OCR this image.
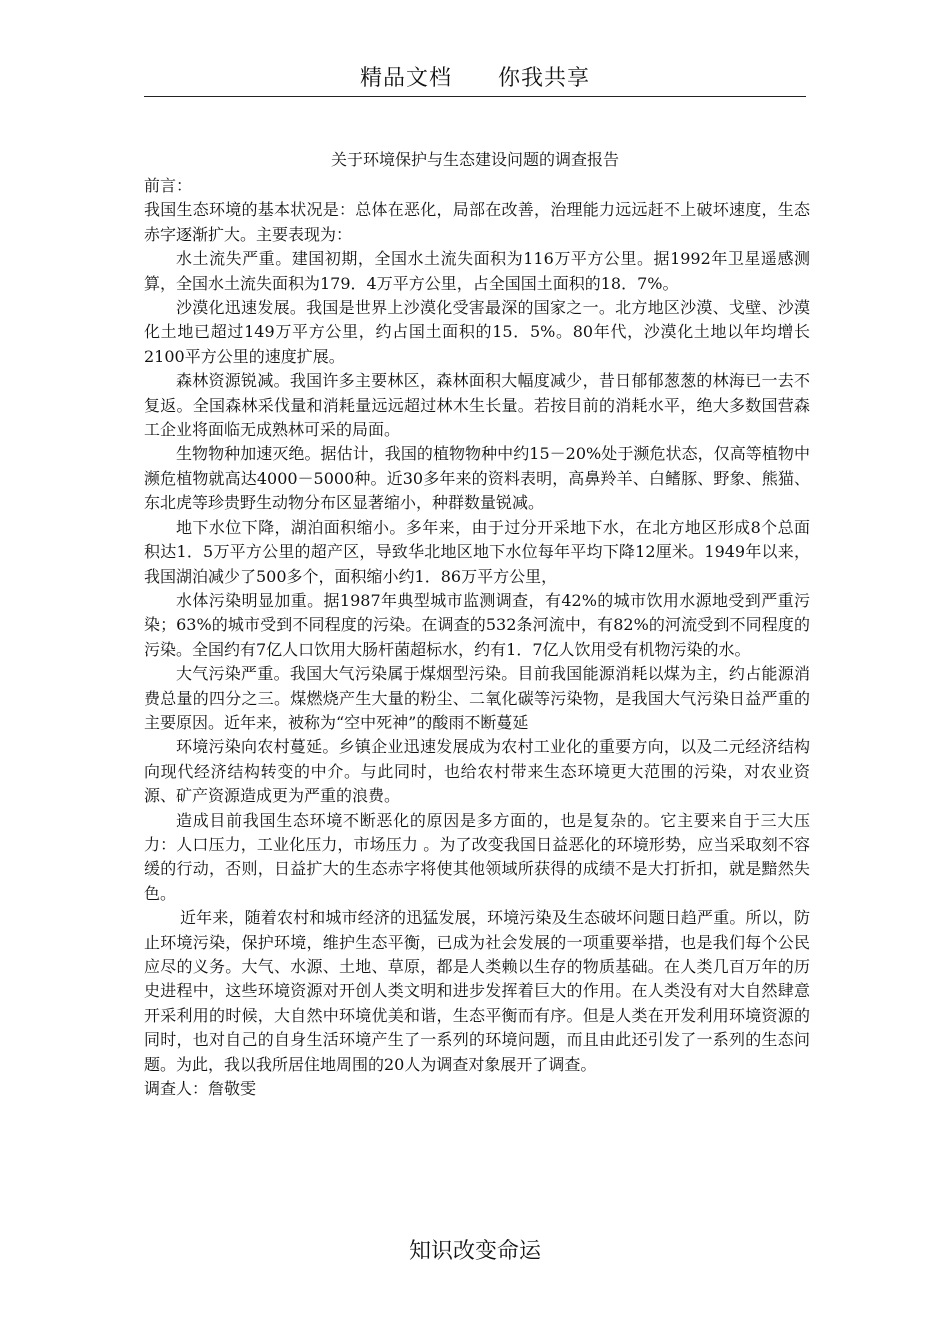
精品文档 你我共享
关于环境保护与生态建设问题的调查报告

前言：

我国生态环境的基本状况是：总体在恶化，局部在改善，治理能力远远赶不上破坏速度，生态赤字逐渐扩大。主要表现为：

水土流失严重。建国初期，全国水土流失面积为116万平方公里。据1992年卫星遥感测算，全国水土流失面积为179．4万平方公里，占全国国土面积的18．7%。

沙漠化迅速发展。我国是世界上沙漠化受害最深的国家之一。北方地区沙漠、戈壁、沙漠化土地已超过149万平方公里，约占国土面积的15．5%。80年代，沙漠化土地以年均增长2100平方公里的速度扩展。

森林资源锐减。我国许多主要林区，森林面积大幅度减少，昔日郁郁葱葱的林海已一去不复返。全国森林采伐量和消耗量远远超过林木生长量。若按目前的消耗水平，绝大多数国营森工企业将面临无成熟林可采的局面。

生物物种加速灭绝。据估计，我国的植物物种中约15－20%处于濒危状态，仅高等植物中濒危植物就高达4000－5000种。近30多年来的资料表明，高鼻羚羊、白鳍豚、野象、熊猫、东北虎等珍贵野生动物分布区显著缩小，种群数量锐减。

地下水位下降，湖泊面积缩小。多年来，由于过分开采地下水，在北方地区形成8个总面积达1．5万平方公里的超产区，导致华北地区地下水位每年平均下降12厘米。1949年以来，我国湖泊减少了500多个，面积缩小约1．86万平方公里，

水体污染明显加重。据1987年典型城市监测调查，有42%的城市饮用水源地受到严重污染；63%的城市受到不同程度的污染。在调查的532条河流中，有82%的河流受到不同程度的污染。全国约有7亿人口饮用大肠杆菌超标水，约有1．7亿人饮用受有机物污染的水。

大气污染严重。我国大气污染属于煤烟型污染。目前我国能源消耗以煤为主，约占能源消费总量的四分之三。煤燃烧产生大量的粉尘、二氧化碳等污染物，是我国大气污染日益严重的主要原因。近年来，被称为“空中死神”的酸雨不断蔓延

环境污染向农村蔓延。乡镇企业迅速发展成为农村工业化的重要方向，以及二元经济结构向现代经济结构转变的中介。与此同时，也给农村带来生态环境更大范围的污染，对农业资源、矿产资源造成更为严重的浪费。

造成目前我国生态环境不断恶化的原因是多方面的，也是复杂的。它主要来自于三大压力：人口压力，工业化压力，市场压力 。为了改变我国日益恶化的环境形势，应当采取刻不容缓的行动，否则，日益扩大的生态赤字将使其他领域所获得的成绩不是大打折扣，就是黯然失色。

近年来，随着农村和城市经济的迅猛发展，环境污染及生态破坏问题日趋严重。所以，防止环境污染，保护环境，维护生态平衡，已成为社会发展的一项重要举措，也是我们每个公民应尽的义务。大气、水源、土地、草原，都是人类赖以生存的物质基础。在人类几百万年的历史进程中，这些环境资源对开创人类文明和进步发挥着巨大的作用。在人类没有对大自然肆意开采利用的时候，大自然中环境优美和谐，生态平衡而有序。但是人类在开发利用环境资源的同时，也对自己的自身生活环境产生了一系列的环境问题，而且由此还引发了一系列的生态问题。为此，我以我所居住地周围的20人为调查对象展开了调查。

调查人：詹敬雯

知识改变命运
